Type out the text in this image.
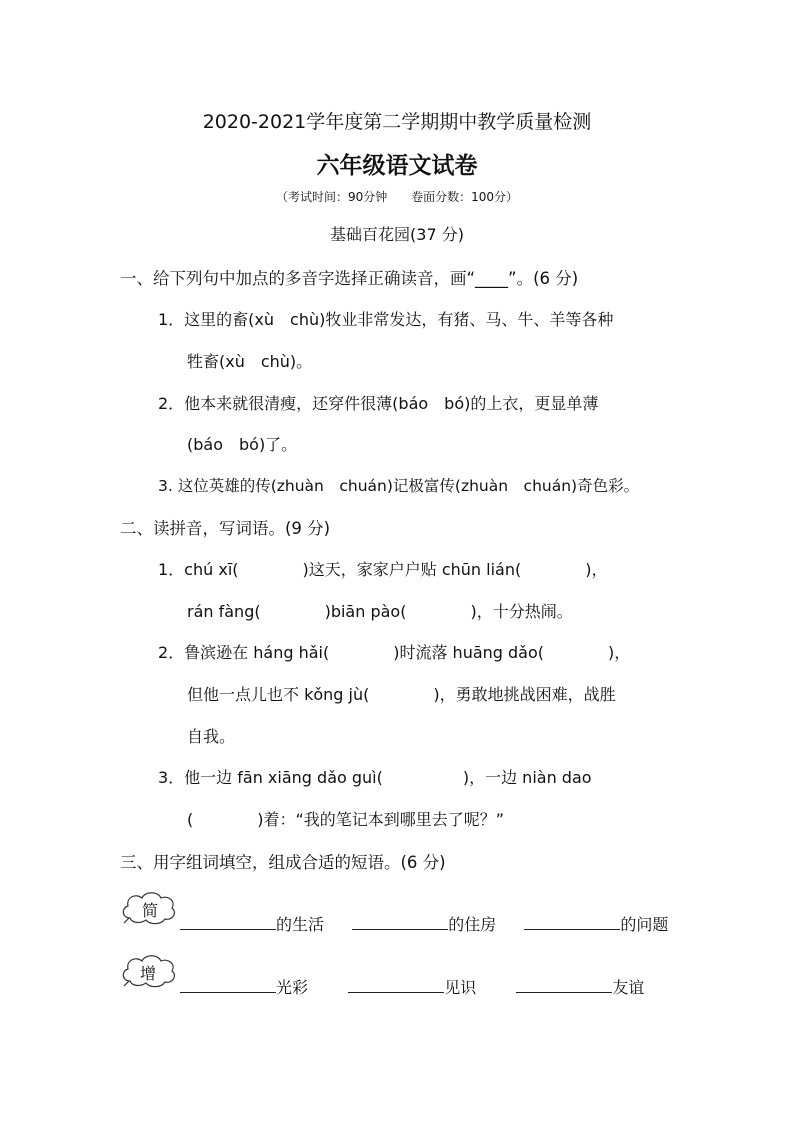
2020-2021学年度第二学期期中教学质量检测
六年级语文试卷
（考试时间：90分钟 卷面分数：100分）
基础百花园(37 分)
一、给下列句中加点的多音字选择正确读音，画“____”。(6 分)
1．这里的畜(xù　chù)牧业非常发达，有猪、马、牛、羊等各种
牲畜(xù　chù)。
2．他本来就很清瘦，还穿件很薄(báo　bó)的上衣，更显单薄
(báo　bó)了。
3. 这位英雄的传(zhuàn　chuán)记极富传(zhuàn　chuán)奇色彩。
二、读拼音，写词语。(9 分)
1．chú xī(　　　　)这天，家家户户贴 chūn lián(　　　　)，
rán fàng(　　　　)biān pào(　　　　)，十分热闹。
2．鲁滨逊在 háng hǎi(　　　　)时流落 huāng dǎo(　　　　)，
但他一点儿也不 kǒng jù(　　　　)，勇敢地挑战困难，战胜
自我。
3．他一边 fān xiāng dǎo guì(　　　　　)，一边 niàn dao
(　　　　)着：“我的笔记本到哪里去了呢？”
三、用字组词填空，组成合适的短语。(6 分)
简
的生活	的住房	的问题
增
光彩	见识	友谊
